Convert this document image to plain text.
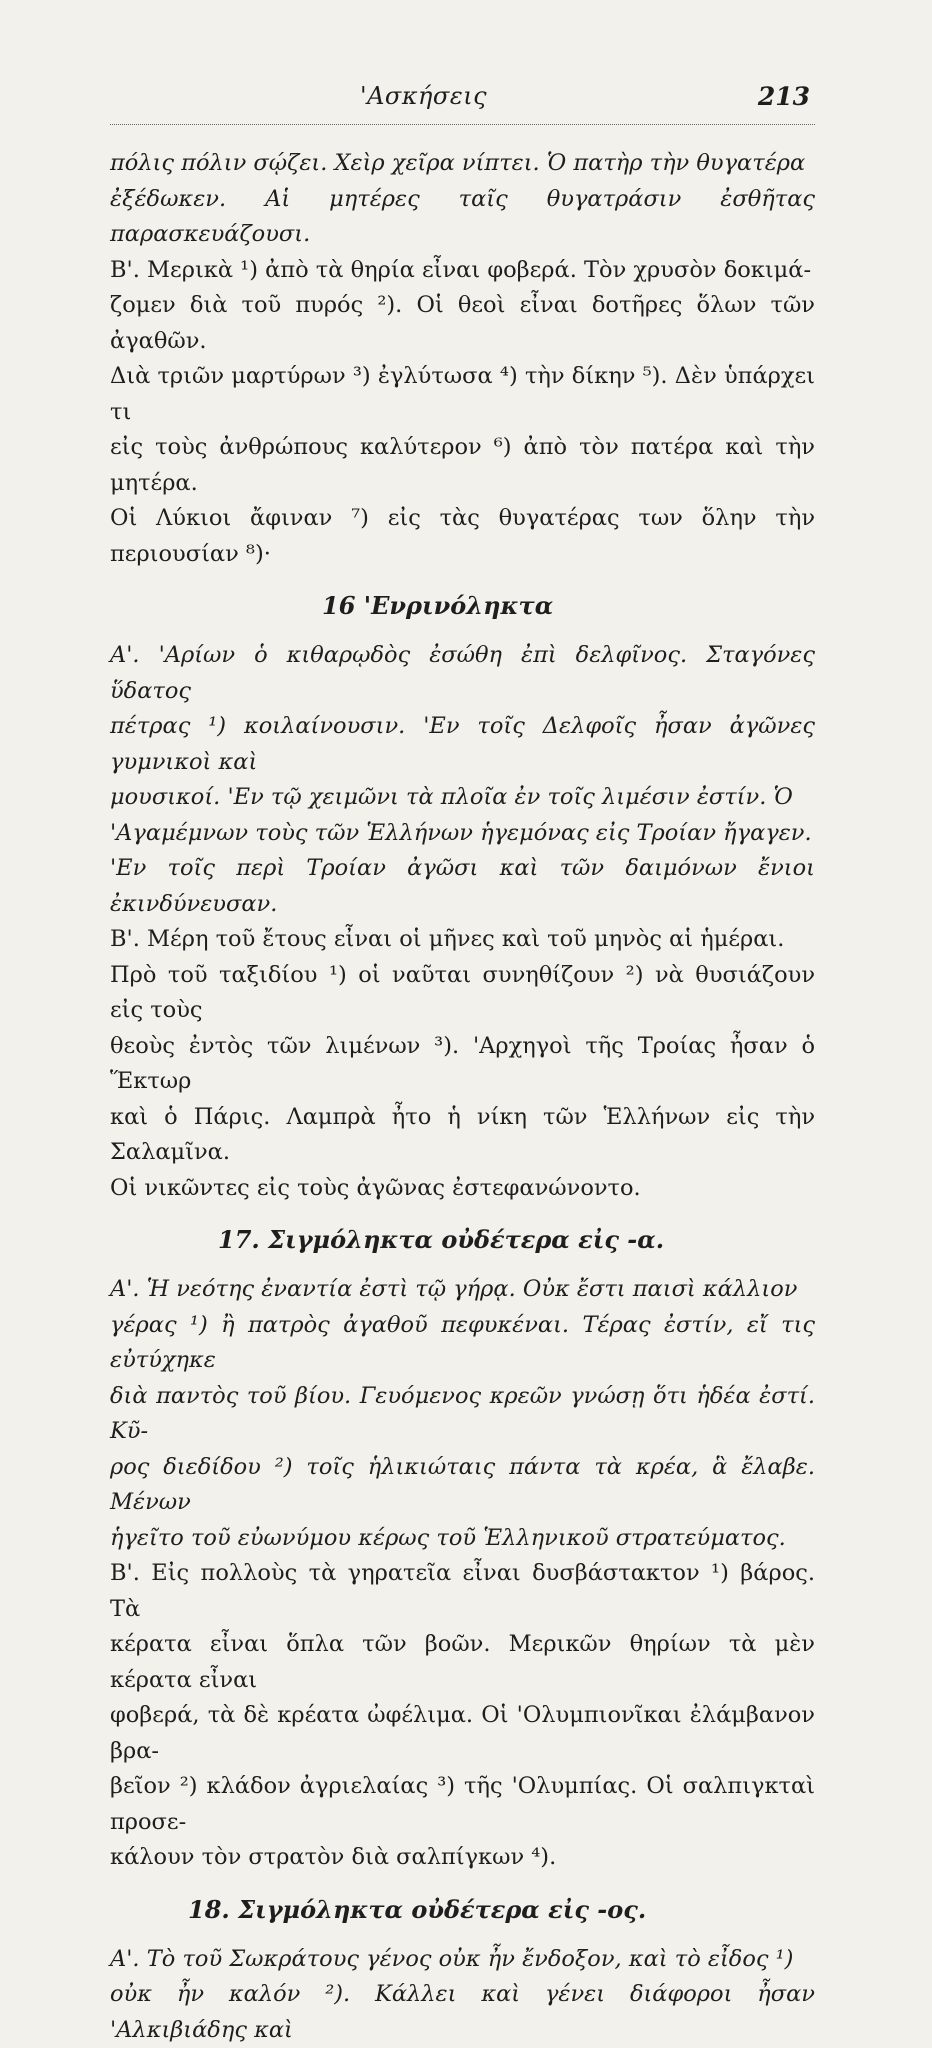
'Ασκήσεις	213

πόλις πόλιν σῴζει. Χεὶρ χεῖρα νίπτει. Ὁ πατὴρ τὴν θυγατέρα

ἐξέδωκεν. Αἱ μητέρες ταῖς θυγατράσιν ἐσθῆτας παρασκευάζουσι.

Β'. Μερικὰ ¹) ἀπὸ τὰ θηρία εἶναι φοβερά. Τὸν χρυσὸν δοκιμά-

ζομεν διὰ τοῦ πυρός ²). Οἱ θεοὶ εἶναι δοτῆρες ὅλων τῶν ἀγαθῶν.

Διὰ τριῶν μαρτύρων ³) ἐγλύτωσα ⁴) τὴν δίκην ⁵). Δὲν ὑπάρχει τι

εἰς τοὺς ἀνθρώπους καλύτερον ⁶) ἀπὸ τὸν πατέρα καὶ τὴν μητέρα.

Οἱ Λύκιοι ἄφιναν ⁷) εἰς τὰς θυγατέρας των ὅλην τὴν περιουσίαν ⁸)·

16 'Ενρινόληκτα

Α'. 'Αρίων ὁ κιθαρῳδὸς ἐσώθη ἐπὶ δελφῖνος. Σταγόνες ὕδατος

πέτρας ¹) κοιλαίνουσιν. 'Εν τοῖς Δελφοῖς ἦσαν ἀγῶνες γυμνικοὶ καὶ

μουσικοί. 'Εν τῷ χειμῶνι τὰ πλοῖα ἐν τοῖς λιμέσιν ἐστίν. Ὁ

'Αγαμέμνων τοὺς τῶν Ἑλλήνων ἡγεμόνας εἰς Τροίαν ἤγαγεν.

'Εν τοῖς περὶ Τροίαν ἀγῶσι καὶ τῶν δαιμόνων ἔνιοι ἐκινδύνευσαν.

Β'. Μέρη τοῦ ἔτους εἶναι οἱ μῆνες καὶ τοῦ μηνὸς αἱ ἡμέραι.

Πρὸ τοῦ ταξιδίου ¹) οἱ ναῦται συνηθίζουν ²) νὰ θυσιάζουν εἰς τοὺς

θεοὺς ἐντὸς τῶν λιμένων ³). 'Αρχηγοὶ τῆς Τροίας ἦσαν ὁ Ἕκτωρ

καὶ ὁ Πάρις. Λαμπρὰ ἦτο ἡ νίκη τῶν Ἑλλήνων εἰς τὴν Σαλαμῖνα.

Οἱ νικῶντες εἰς τοὺς ἀγῶνας ἐστεφανώνοντο.

17. Σιγμόληκτα οὐδέτερα εἰς -α.

Α'. Ἡ νεότης ἐναντία ἐστὶ τῷ γήρᾳ. Οὐκ ἔστι παισὶ κάλλιον

γέρας ¹) ἢ πατρὸς ἀγαθοῦ πεφυκέναι. Τέρας ἐστίν, εἴ τις εὐτύχηκε

διὰ παντὸς τοῦ βίου. Γευόμενος κρεῶν γνώσῃ ὅτι ἡδέα ἐστί. Κῦ-

ρος διεδίδου ²) τοῖς ἡλικιώταις πάντα τὰ κρέα, ἃ ἔλαβε. Μένων

ἡγεῖτο τοῦ εὐωνύμου κέρως τοῦ Ἑλληνικοῦ στρατεύματος.

Β'. Εἰς πολλοὺς τὰ γηρατεῖα εἶναι δυσβάστακτον ¹) βάρος. Τὰ

κέρατα εἶναι ὅπλα τῶν βοῶν. Μερικῶν θηρίων τὰ μὲν κέρατα εἶναι

φοβερά, τὰ δὲ κρέατα ὠφέλιμα. Οἱ 'Ολυμπιονῖκαι ἐλάμβανον βρα-

βεῖον ²) κλάδον ἀγριελαίας ³) τῆς 'Ολυμπίας. Οἱ σαλπιγκταὶ προσε-

κάλουν τὸν στρατὸν διὰ σαλπίγκων ⁴).

18. Σιγμόληκτα οὐδέτερα εἰς -ος.

Α'. Τὸ τοῦ Σωκράτους γένος οὐκ ἦν ἔνδοξον, καὶ τὸ εἶδος ¹)

οὐκ ἦν καλόν ²). Κάλλει καὶ γένει διάφοροι ἦσαν 'Αλκιβιάδης καὶ
